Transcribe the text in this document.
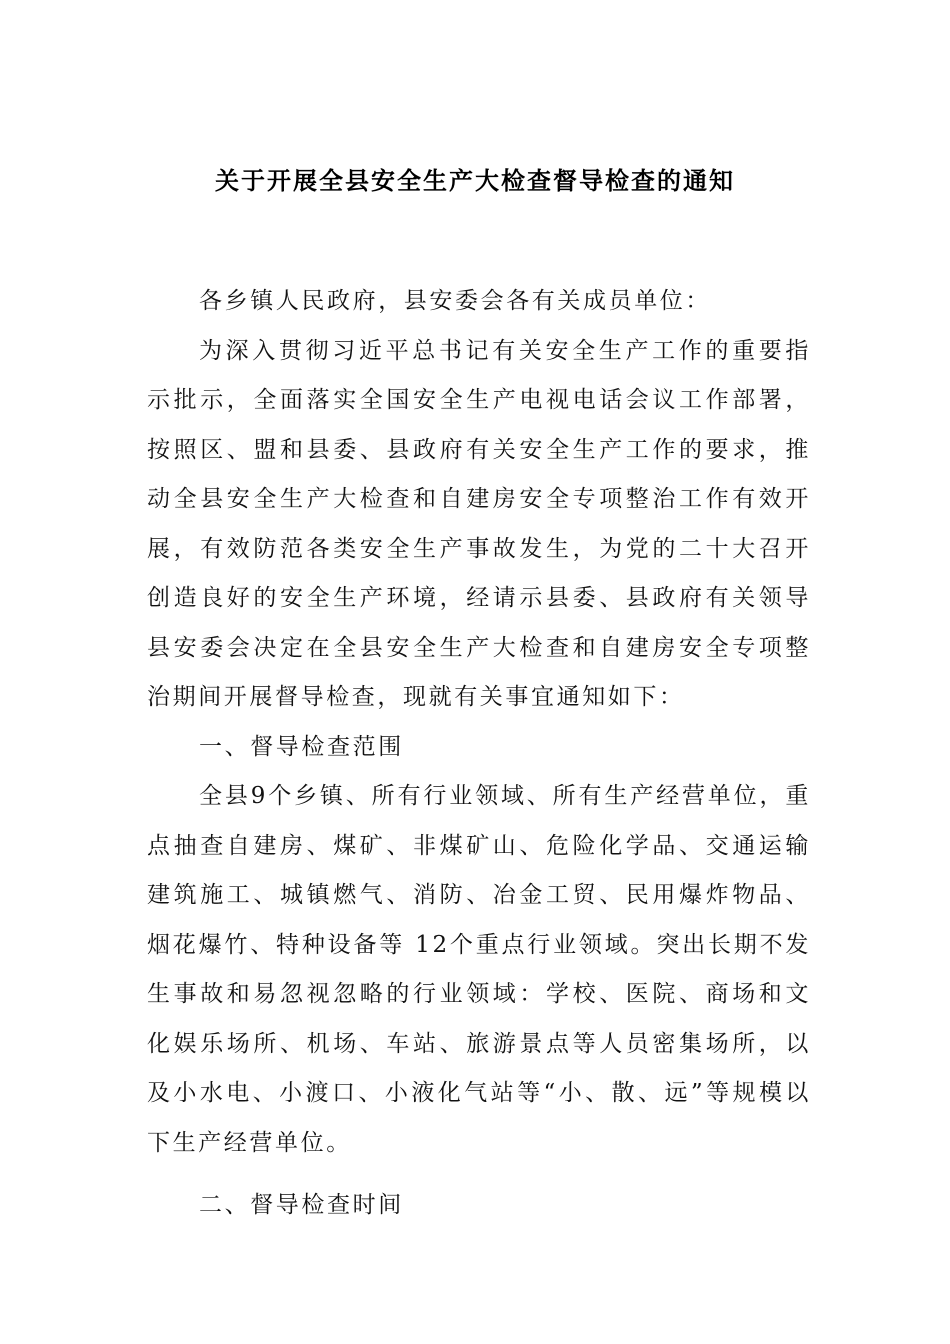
关于开展全县安全生产大检查督导检查的通知

各乡镇人民政府，县安委会各有关成员单位：

为深入贯彻习近平总书记有关安全生产工作的重要指示批示，全面落实全国安全生产电视电话会议工作部署，按照区、盟和县委、县政府有关安全生产工作的要求，推动全县安全生产大检查和自建房安全专项整治工作有效开展，有效防范各类安全生产事故发生，为党的二十大召开创造良好的安全生产环境，经请示县委、县政府有关领导县安委会决定在全县安全生产大检查和自建房安全专项整治期间开展督导检查，现就有关事宜通知如下：

一、督导检查范围

全县9个乡镇、所有行业领域、所有生产经营单位，重点抽查自建房、煤矿、非煤矿山、危险化学品、交通运输建筑施工、城镇燃气、消防、冶金工贸、民用爆炸物品、烟花爆竹、特种设备等 12个重点行业领域。突出长期不发生事故和易忽视忽略的行业领域：学校、医院、商场和文化娱乐场所、机场、车站、旅游景点等人员密集场所，以及小水电、小渡口、小液化气站等“小、散、远”等规模以下生产经营单位。

二、督导检查时间
